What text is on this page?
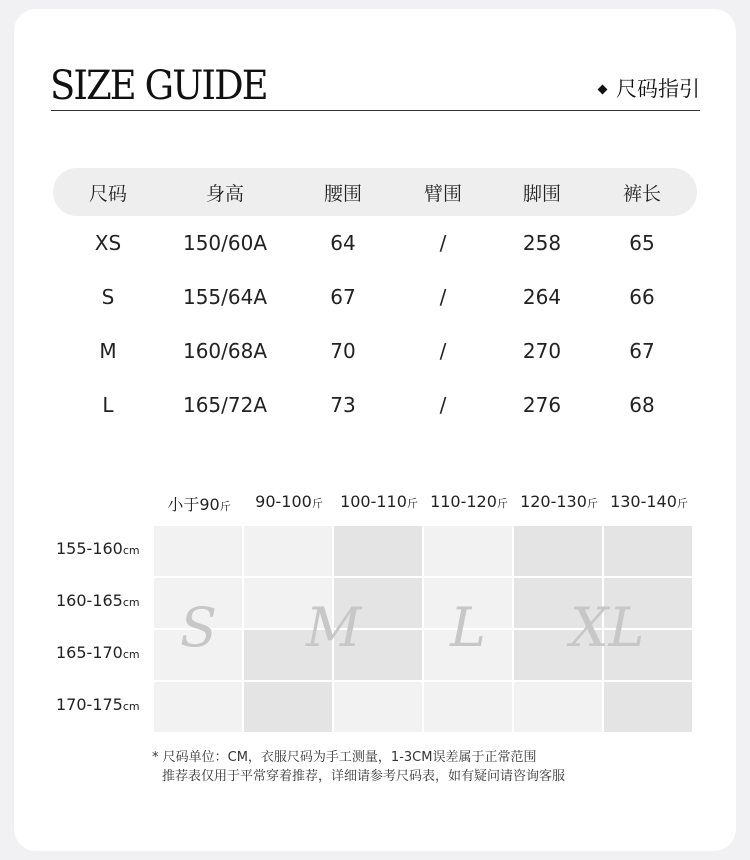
SIZE GUIDE	尺码指引
尺码	身高	腰围	臂围	脚围	裤长
XS	150/60A	64	/	258	65
S	155/64A	67	/	264	66
M	160/68A	70	/	270	67
L	165/72A	73	/	276	68
小于90斤	90-100斤	100-110斤 110-120斤 120-130斤 130-140斤
155-160cm
160-165cm
165-170cm
170-175cm
S M L XL
* 尺码单位：CM，衣服尺码为手工测量，1-3CM误差属于正常范围
推荐表仅用于平常穿着推荐，详细请参考尺码表，如有疑问请咨询客服
